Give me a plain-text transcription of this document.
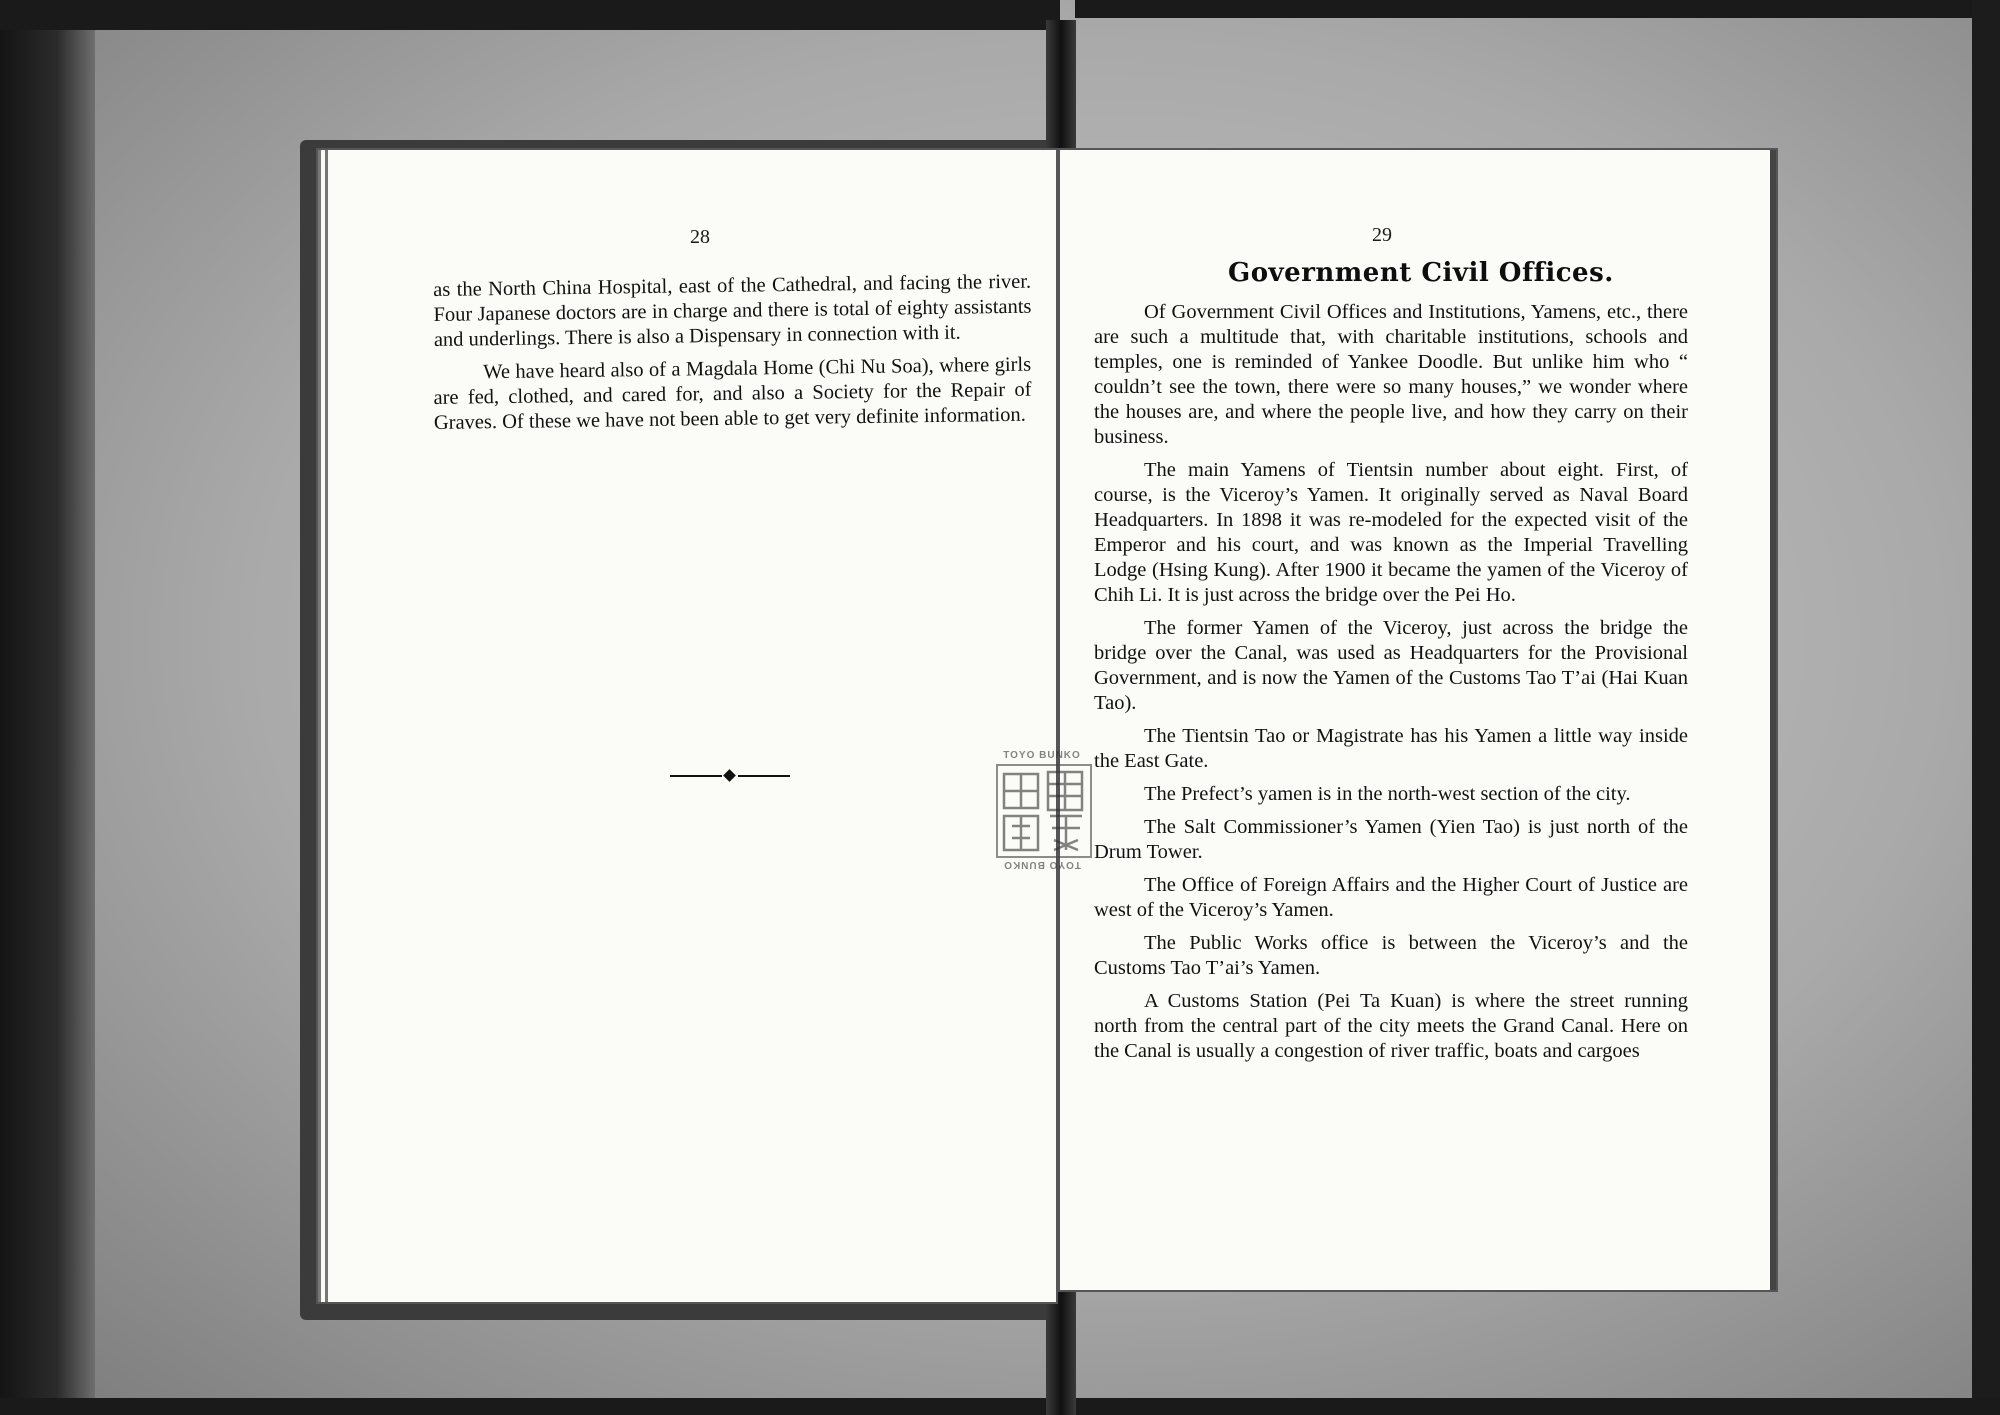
28

as the North China Hospital, east of the Cathedral, and facing the river. Four Japanese doctors are in charge and there is total of eighty assistants and underlings. There is also a Dispensary in connection with it.

We have heard also of a Magdala Home (Chi Nu Soa), where girls are fed, clothed, and cared for, and also a Society for the Repair of Graves. Of these we have not been able to get very definite information.

29
Government Civil Offices.

Of Government Civil Offices and Institutions, Yamens, etc., there are such a multitude that, with charitable institutions, schools and temples, one is reminded of Yankee Doodle. But unlike him who “ couldn’t see the town, there were so many houses,” we wonder where the houses are, and where the people live, and how they carry on their business.

The main Yamens of Tientsin number about eight. First, of course, is the Viceroy’s Yamen. It originally served as Naval Board Headquarters. In 1898 it was re-modeled for the expected visit of the Emperor and his court, and was known as the Imperial Travelling Lodge (Hsing Kung). After 1900 it became the yamen of the Viceroy of Chih Li. It is just across the bridge over the Pei Ho.

The former Yamen of the Viceroy, just across the bridge the bridge over the Canal, was used as Headquarters for the Provisional Government, and is now the Yamen of the Customs Tao T’ai (Hai Kuan Tao).

The Tientsin Tao or Magistrate has his Yamen a little way inside the East Gate.

The Prefect’s yamen is in the north-west section of the city.

The Salt Commissioner’s Yamen (Yien Tao) is just north of the Drum Tower.

The Office of Foreign Affairs and the Higher Court of Justice are west of the Viceroy’s Yamen.

The Public Works office is between the Viceroy’s and the Customs Tao T’ai’s Yamen.

A Customs Station (Pei Ta Kuan) is where the street running north from the central part of the city meets the Grand Canal. Here on the Canal is usually a congestion of river traffic, boats and cargoes

TOYO BUNKO
TOYO BUNKO
